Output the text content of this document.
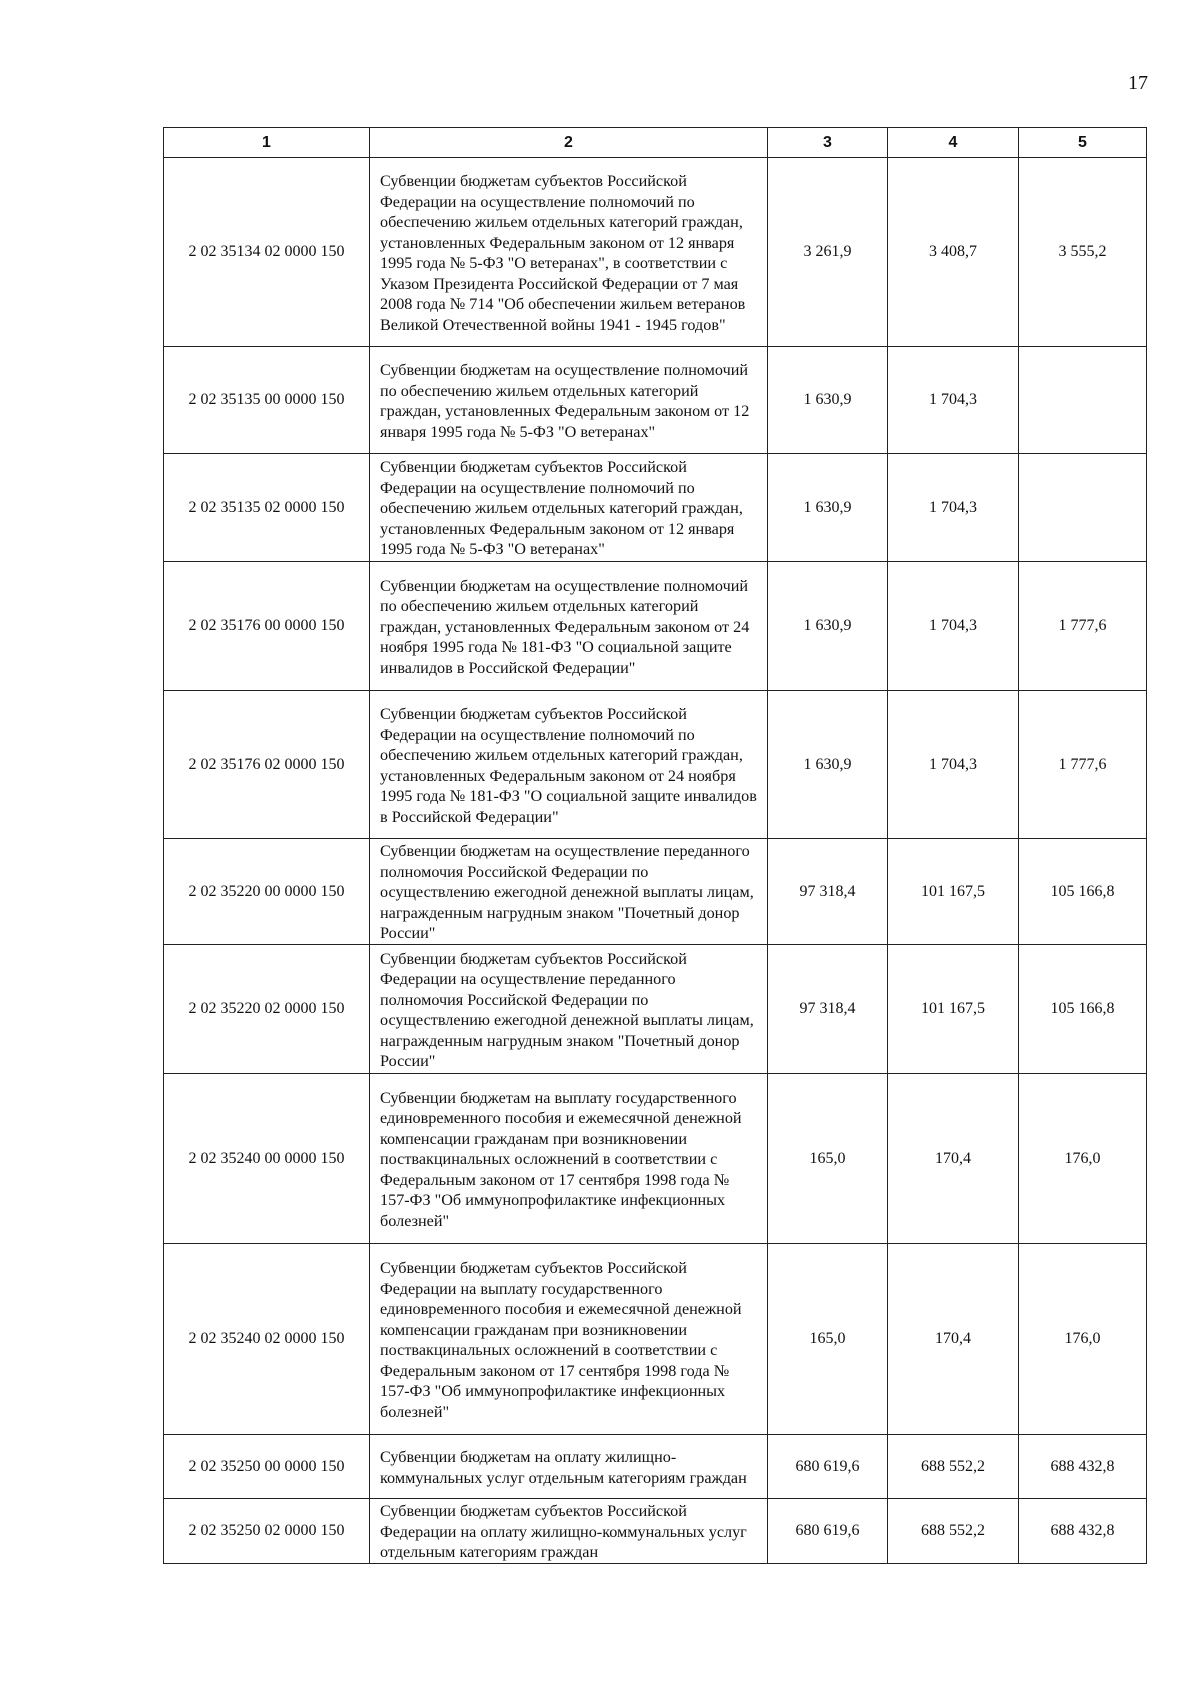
17
1	2	3	4	5
2 02 35134 02 0000 150	Субвенции бюджетам субъектов Российской Федерации на осуществление полномочий по обеспечению жильем отдельных категорий граждан, установленных Федеральным законом от 12 января 1995 года № 5-ФЗ "О ветеранах", в соответствии с Указом Президента Российской Федерации от 7 мая 2008 года № 714 "Об обеспечении жильем ветеранов Великой Отечественной войны 1941 - 1945 годов"	3 261,9	3 408,7	3 555,2
2 02 35135 00 0000 150	Субвенции бюджетам на осуществление полномочий по обеспечению жильем отдельных категорий граждан, установленных Федеральным законом от 12 января 1995 года № 5-ФЗ "О ветеранах"	1 630,9	1 704,3	
2 02 35135 02 0000 150	Субвенции бюджетам субъектов Российской Федерации на осуществление полномочий по обеспечению жильем отдельных категорий граждан, установленных Федеральным законом от 12 января 1995 года № 5-ФЗ "О ветеранах"	1 630,9	1 704,3	
2 02 35176 00 0000 150	Субвенции бюджетам на осуществление полномочий по обеспечению жильем отдельных категорий граждан, установленных Федеральным законом от 24 ноября 1995 года № 181-ФЗ "О социальной защите инвалидов в Российской Федерации"	1 630,9	1 704,3	1 777,6
2 02 35176 02 0000 150	Субвенции бюджетам субъектов Российской Федерации на осуществление полномочий по обеспечению жильем отдельных категорий граждан, установленных Федеральным законом от 24 ноября 1995 года № 181-ФЗ "О социальной защите инвалидов в Российской Федерации"	1 630,9	1 704,3	1 777,6
2 02 35220 00 0000 150	Субвенции бюджетам на осуществление переданного полномочия Российской Федерации по осуществлению ежегодной денежной выплаты лицам, награжденным нагрудным знаком "Почетный донор России"	97 318,4	101 167,5	105 166,8
2 02 35220 02 0000 150	Субвенции бюджетам субъектов Российской Федерации на осуществление переданного полномочия Российской Федерации по осуществлению ежегодной денежной выплаты лицам, награжденным нагрудным знаком "Почетный донор России"	97 318,4	101 167,5	105 166,8
2 02 35240 00 0000 150	Субвенции бюджетам на выплату государственного единовременного пособия и ежемесячной денежной компенсации гражданам при возникновении поствакцинальных осложнений в соответствии с Федеральным законом от 17 сентября 1998 года № 157-ФЗ "Об иммунопрофилактике инфекционных болезней"	165,0	170,4	176,0
2 02 35240 02 0000 150	Субвенции бюджетам субъектов Российской Федерации на выплату государственного единовременного пособия и ежемесячной денежной компенсации гражданам при возникновении поствакцинальных осложнений в соответствии с Федеральным законом от 17 сентября 1998 года № 157-ФЗ "Об иммунопрофилактике инфекционных болезней"	165,0	170,4	176,0
2 02 35250 00 0000 150	Субвенции бюджетам на оплату жилищно-коммунальных услуг отдельным категориям граждан	680 619,6	688 552,2	688 432,8
2 02 35250 02 0000 150	Субвенции бюджетам субъектов Российской Федерации на оплату жилищно-коммунальных услуг отдельным категориям граждан	680 619,6	688 552,2	688 432,8
